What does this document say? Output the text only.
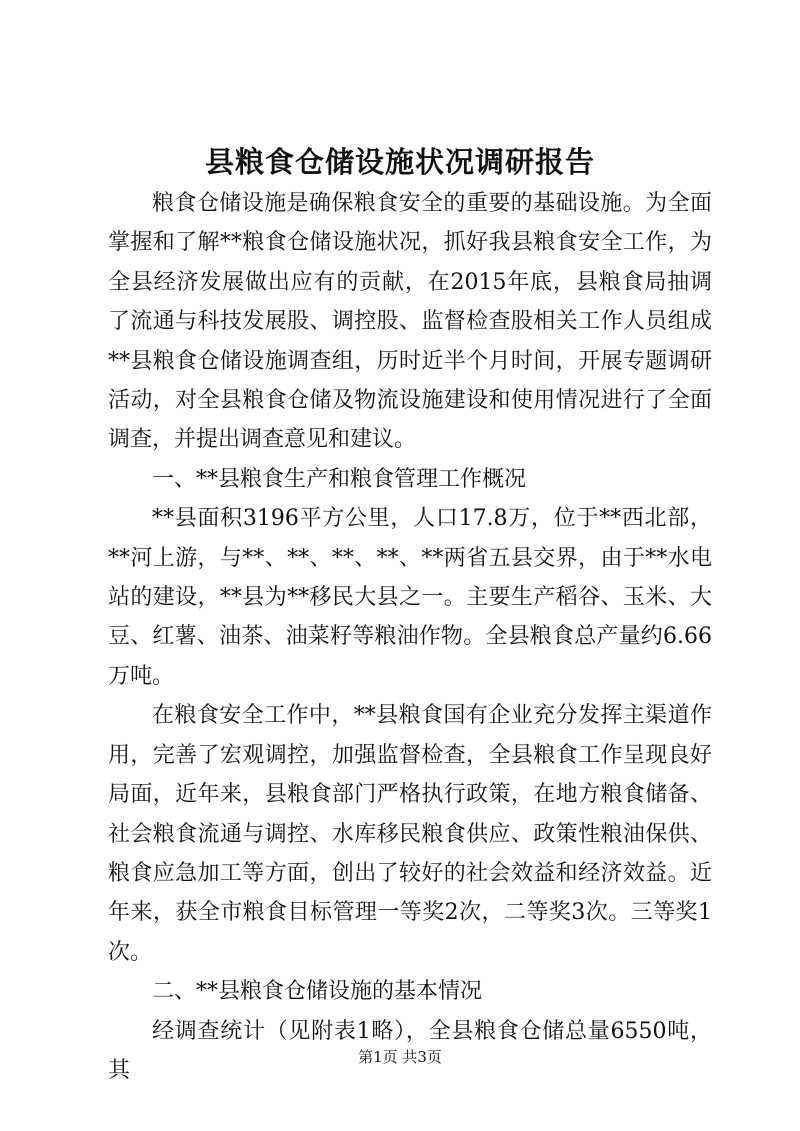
县粮食仓储设施状况调研报告

粮食仓储设施是确保粮食安全的重要的基础设施。为全面掌握和了解**粮食仓储设施状况，抓好我县粮食安全工作，为全县经济发展做出应有的贡献，在2015年底，县粮食局抽调了流通与科技发展股、调控股、监督检查股相关工作人员组成**县粮食仓储设施调查组，历时近半个月时间，开展专题调研活动，对全县粮食仓储及物流设施建设和使用情况进行了全面调查，并提出调查意见和建议。

一、**县粮食生产和粮食管理工作概况

**县面积3196平方公里，人口17.8万，位于**西北部，**河上游，与**、**、**、**、**两省五县交界，由于**水电站的建设，**县为**移民大县之一。主要生产稻谷、玉米、大豆、红薯、油茶、油菜籽等粮油作物。全县粮食总产量约6.66万吨。

在粮食安全工作中，**县粮食国有企业充分发挥主渠道作用，完善了宏观调控，加强监督检查，全县粮食工作呈现良好局面，近年来，县粮食部门严格执行政策，在地方粮食储备、社会粮食流通与调控、水库移民粮食供应、政策性粮油保供、粮食应急加工等方面，创出了较好的社会效益和经济效益。近年来，获全市粮食目标管理一等奖2次，二等奖3次。三等奖1次。

二、**县粮食仓储设施的基本情况

经调查统计（见附表1略），全县粮食仓储总量6550吨，其

第1页 共3页
